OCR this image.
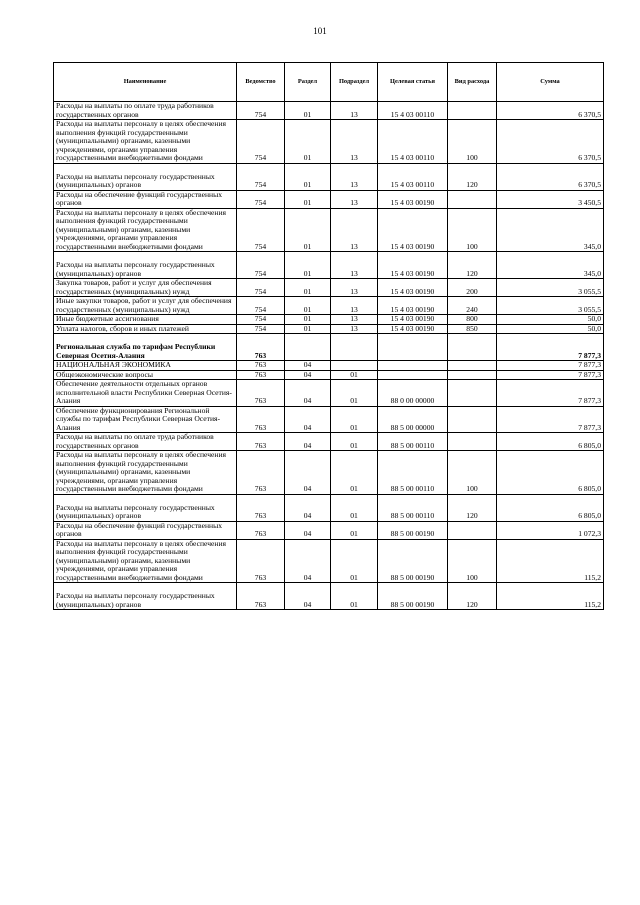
101
Наименование	Ведомство	Раздел	Подраздел	Целевая статья	Вид расхода	Сумма
Расходы на выплаты по оплате труда работников государственных органов	754	01	13	15 4 03 00110		6 370,5
Расходы на выплаты персоналу в целях обеспечения выполнения функций государственными (муниципальными) органами, казенными учреждениями, органами управления государственными внебюджетными фондами	754	01	13	15 4 03 00110	100	6 370,5
Расходы на выплаты персоналу государственных (муниципальных) органов	754	01	13	15 4 03 00110	120	6 370,5
Расходы на обеспечение функций государственных органов	754	01	13	15 4 03 00190		3 450,5
Расходы на выплаты персоналу в целях обеспечения выполнения функций государственными (муниципальными) органами, казенными учреждениями, органами управления государственными внебюджетными фондами	754	01	13	15 4 03 00190	100	345,0
Расходы на выплаты персоналу государственных (муниципальных) органов	754	01	13	15 4 03 00190	120	345,0
Закупка товаров, работ и услуг для обеспечения государственных (муниципальных) нужд	754	01	13	15 4 03 00190	200	3 055,5
Иные закупки товаров, работ и услуг для обеспечения государственных (муниципальных) нужд	754	01	13	15 4 03 00190	240	3 055,5
Иные бюджетные ассигнования	754	01	13	15 4 03 00190	800	50,0
Уплата налогов, сборов и иных платежей	754	01	13	15 4 03 00190	850	50,0
Региональная служба по тарифам Республики Северная Осетия-Алания	763					7 877,3
НАЦИОНАЛЬНАЯ ЭКОНОМИКА	763	04				7 877,3
Общеэкономические вопросы	763	04	01			7 877,3
Обеспечение деятельности отдельных органов исполнительной власти Республики Северная Осетия-Алания	763	04	01	88 0 00 00000		7 877,3
Обеспечение функционирования Региональной службы по тарифам Республики Северная Осетия-Алания	763	04	01	88 5 00 00000		7 877,3
Расходы на выплаты по оплате труда работников государственных органов	763	04	01	88 5 00 00110		6 805,0
Расходы на выплаты персоналу в целях обеспечения выполнения функций государственными (муниципальными) органами, казенными учреждениями, органами управления государственными внебюджетными фондами	763	04	01	88 5 00 00110	100	6 805,0
Расходы на выплаты персоналу государственных (муниципальных) органов	763	04	01	88 5 00 00110	120	6 805,0
Расходы на обеспечение функций государственных органов	763	04	01	88 5 00 00190		1 072,3
Расходы на выплаты персоналу в целях обеспечения выполнения функций государственными (муниципальными) органами, казенными учреждениями, органами управления государственными внебюджетными фондами	763	04	01	88 5 00 00190	100	115,2
Расходы на выплаты персоналу государственных (муниципальных) органов	763	04	01	88 5 00 00190	120	115,2
